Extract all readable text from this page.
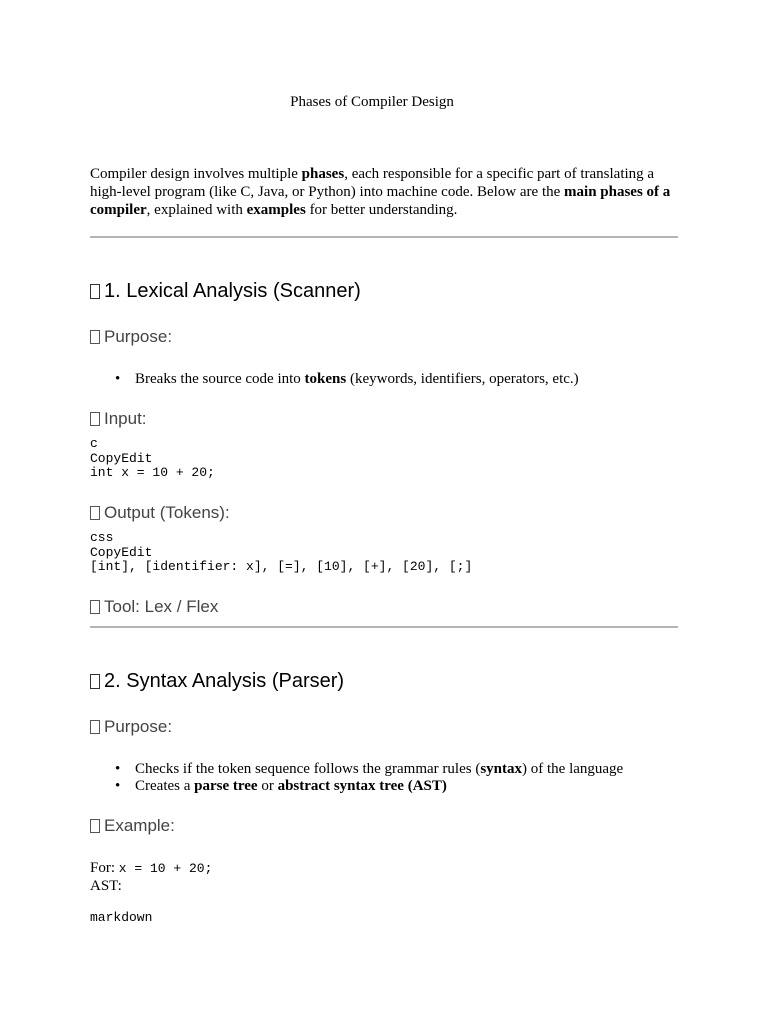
Phases of Compiler Design
Compiler design involves multiple phases, each responsible for a specific part of translating a high-level program (like C, Java, or Python) into machine code. Below are the main phases of a compiler, explained with examples for better understanding.
1. Lexical Analysis (Scanner)
Purpose:
• Breaks the source code into tokens (keywords, identifiers, operators, etc.)
Input:
c
CopyEdit
int x = 10 + 20;
Output (Tokens):
css
CopyEdit
[int], [identifier: x], [=], [10], [+], [20], [;]
Tool: Lex / Flex
2. Syntax Analysis (Parser)
Purpose:
• Checks if the token sequence follows the grammar rules (syntax) of the language
• Creates a parse tree or abstract syntax tree (AST)
Example:
For: x = 10 + 20;
AST:
markdown
